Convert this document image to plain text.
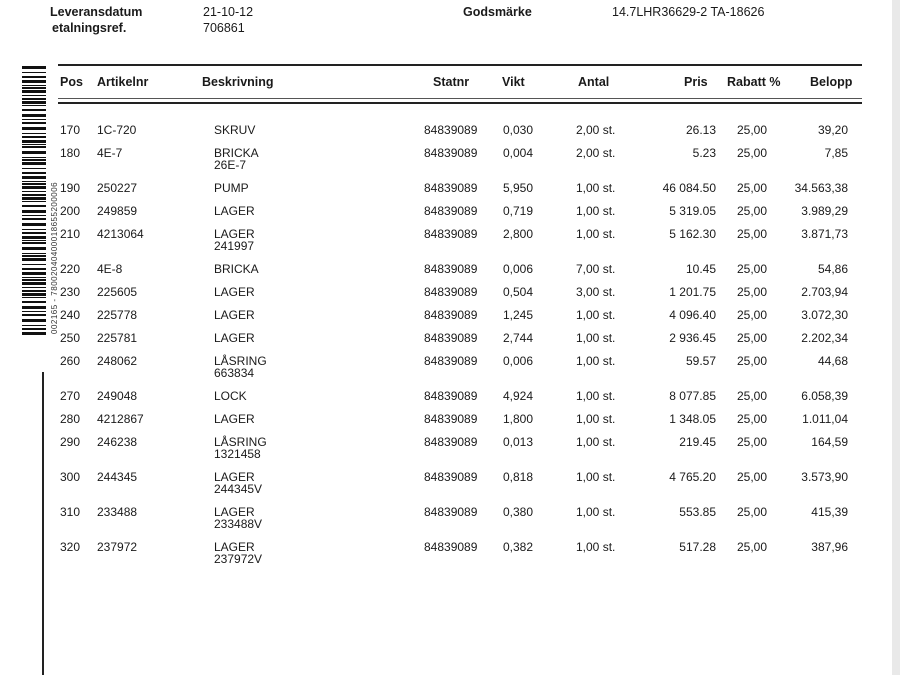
Leveransdatum	21-10-12
etalningsref.	706861
Godsmärke	14.7LHR36629-2 TA-18626
Pos Artikelnr	Beskrivning	Statnr	Vikt	Antal	Pris Rabatt % Belopp
002165 - 78002040400018655200006
170 1C-720	SKRUV	84839089 0,030	2,00 st.	26.13 25,00	39,20
180 4E-7	BRICKA	84839089 0,004	2,00 st.	5.23 25,00	7,85
26E-7
190 250227	PUMP	84839089 5,950	1,00 st.	46 084.50 25,00	34.563,38
200 249859	LAGER	84839089 0,719	1,00 st.	5 319.05 25,00	3.989,29
210 4213064	LAGER	84839089 2,800	1,00 st.	5 162.30 25,00	3.871,73
241997
220 4E-8	BRICKA	84839089 0,006	7,00 st.	10.45 25,00	54,86
230 225605	LAGER	84839089 0,504	3,00 st.	1 201.75 25,00	2.703,94
240 225778	LAGER	84839089 1,245	1,00 st.	4 096.40 25,00	3.072,30
250 225781	LAGER	84839089 2,744	1,00 st.	2 936.45 25,00	2.202,34
260 248062	LÅSRING	84839089 0,006	1,00 st.	59.57 25,00	44,68
663834
270 249048	LOCK	84839089 4,924	1,00 st.	8 077.85 25,00	6.058,39
280 4212867	LAGER	84839089 1,800	1,00 st.	1 348.05 25,00	1.011,04
290 246238	LÅSRING	84839089 0,013	1,00 st.	219.45 25,00	164,59
1321458
300 244345	LAGER	84839089 0,818	1,00 st.	4 765.20 25,00	3.573,90
244345V
310 233488	LAGER	84839089 0,380	1,00 st.	553.85 25,00	415,39
233488V
320 237972	LAGER	84839089 0,382	1,00 st.	517.28 25,00	387,96
237972V
